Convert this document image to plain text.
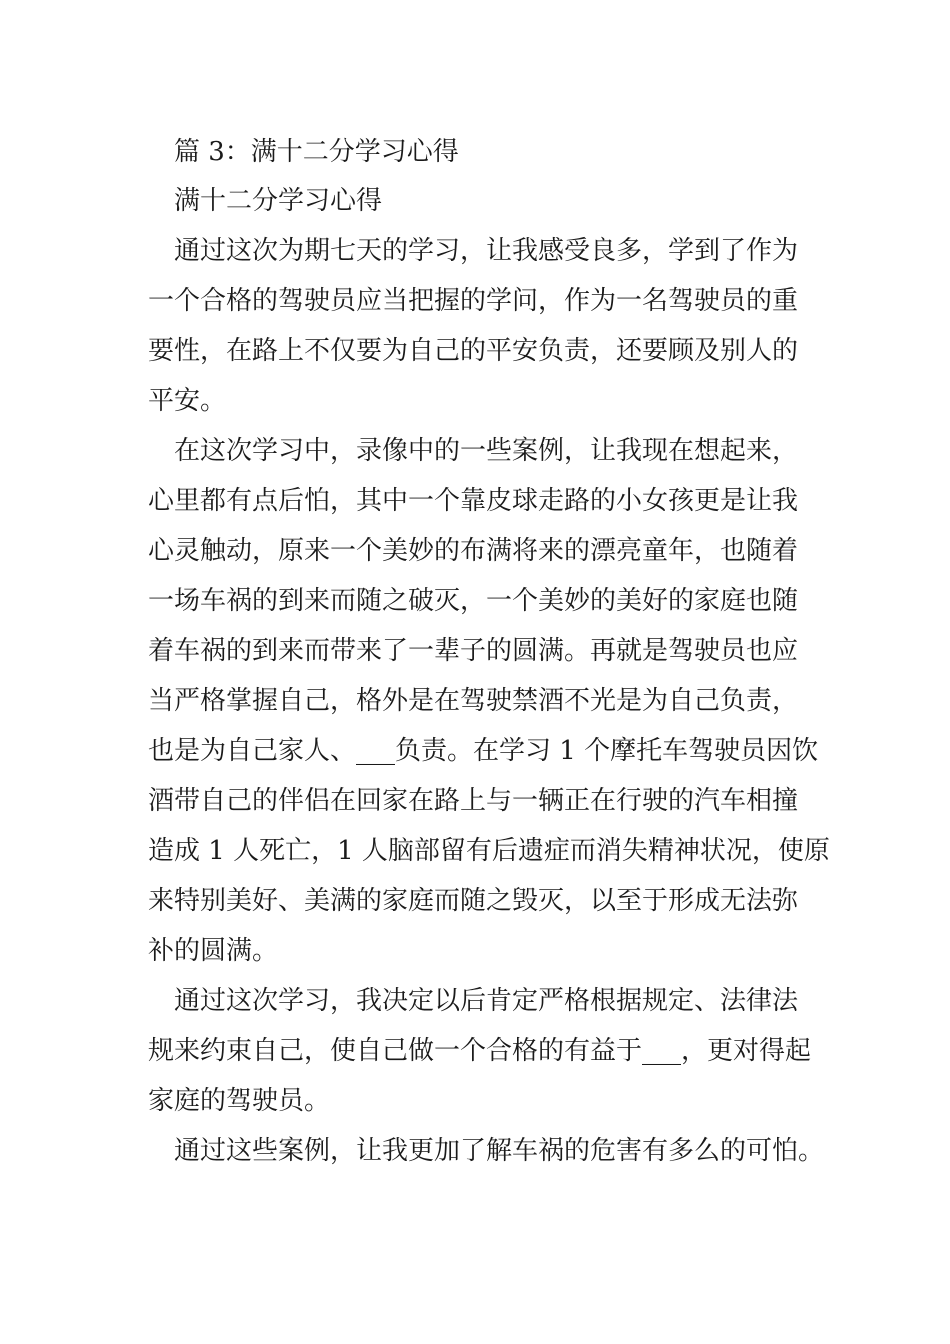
篇 3：满十二分学习心得

满十二分学习心得

通过这次为期七天的学习，让我感受良多，学到了作为

一个合格的驾驶员应当把握的学问，作为一名驾驶员的重

要性，在路上不仅要为自己的平安负责，还要顾及别人的

平安。

在这次学习中，录像中的一些案例，让我现在想起来，

心里都有点后怕，其中一个靠皮球走路的小女孩更是让我

心灵触动，原来一个美妙的布满将来的漂亮童年，也随着

一场车祸的到来而随之破灭，一个美妙的美好的家庭也随

着车祸的到来而带来了一辈子的圆满。再就是驾驶员也应

当严格掌握自己，格外是在驾驶禁酒不光是为自己负责，

也是为自己家人、___负责。在学习 1 个摩托车驾驶员因饮

酒带自己的伴侣在回家在路上与一辆正在行驶的汽车相撞

造成 1 人死亡，1 人脑部留有后遗症而消失精神状况，使原

来特别美好、美满的家庭而随之毁灭，以至于形成无法弥

补的圆满。

通过这次学习，我决定以后肯定严格根据规定、法律法

规来约束自己，使自己做一个合格的有益于___，更对得起

家庭的驾驶员。

通过这些案例，让我更加了解车祸的危害有多么的可怕。
